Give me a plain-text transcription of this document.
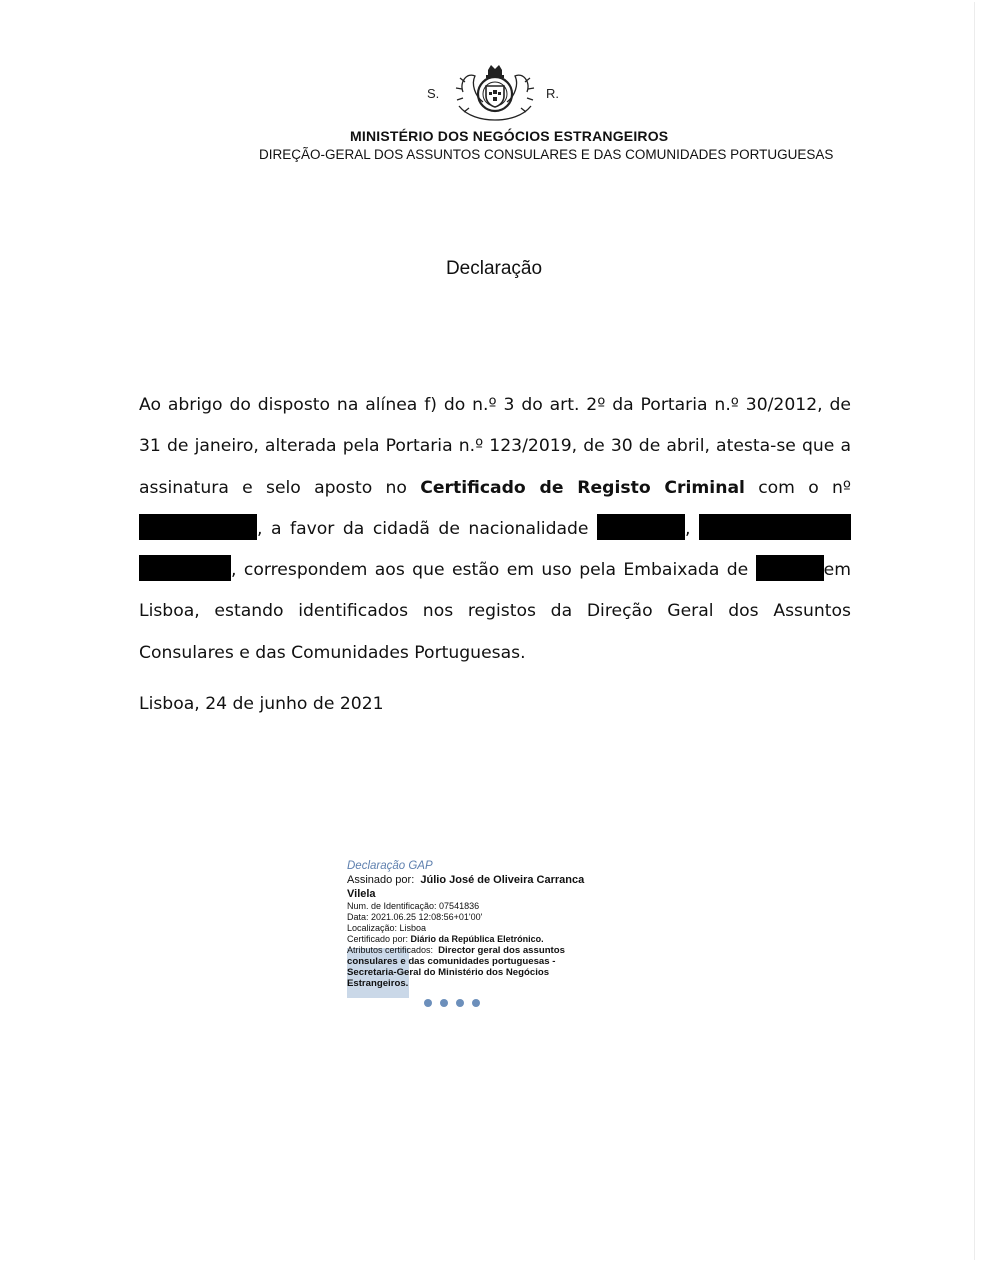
S.	R.
MINISTÉRIO DOS NEGÓCIOS ESTRANGEIROS
DIREÇÃO-GERAL DOS ASSUNTOS CONSULARES E DAS COMUNIDADES PORTUGUESAS
Declaração
Ao abrigo do disposto na alínea f) do n.º 3 do art. 2º da Portaria n.º 30/2012, de 31 de janeiro, alterada pela Portaria n.º 123/2019, de 30 de abril, atesta-se que a assinatura e selo aposto no Certificado de Registo Criminal com o nº , a favor da cidadã de nacionalidade	,  , correspondem aos que estão em uso pela Embaixada de	em Lisboa, estando identificados nos registos da Direção Geral dos Assuntos Consulares e das Comunidades Portuguesas.
Lisboa, 24 de junho de 2021
Declaração GAP
Assinado por: Júlio José de Oliveira Carranca
Vilela
Num. de Identificação: 07541836
Data: 2021.06.25 12:08:56+01'00'
Localização: Lisboa
Certificado por: Diário da República Eletrónico.
Atributos certificados: Director geral dos assuntos
consulares e das comunidades portuguesas -
Secretaria-Geral do Ministério dos Negócios
Estrangeiros.
